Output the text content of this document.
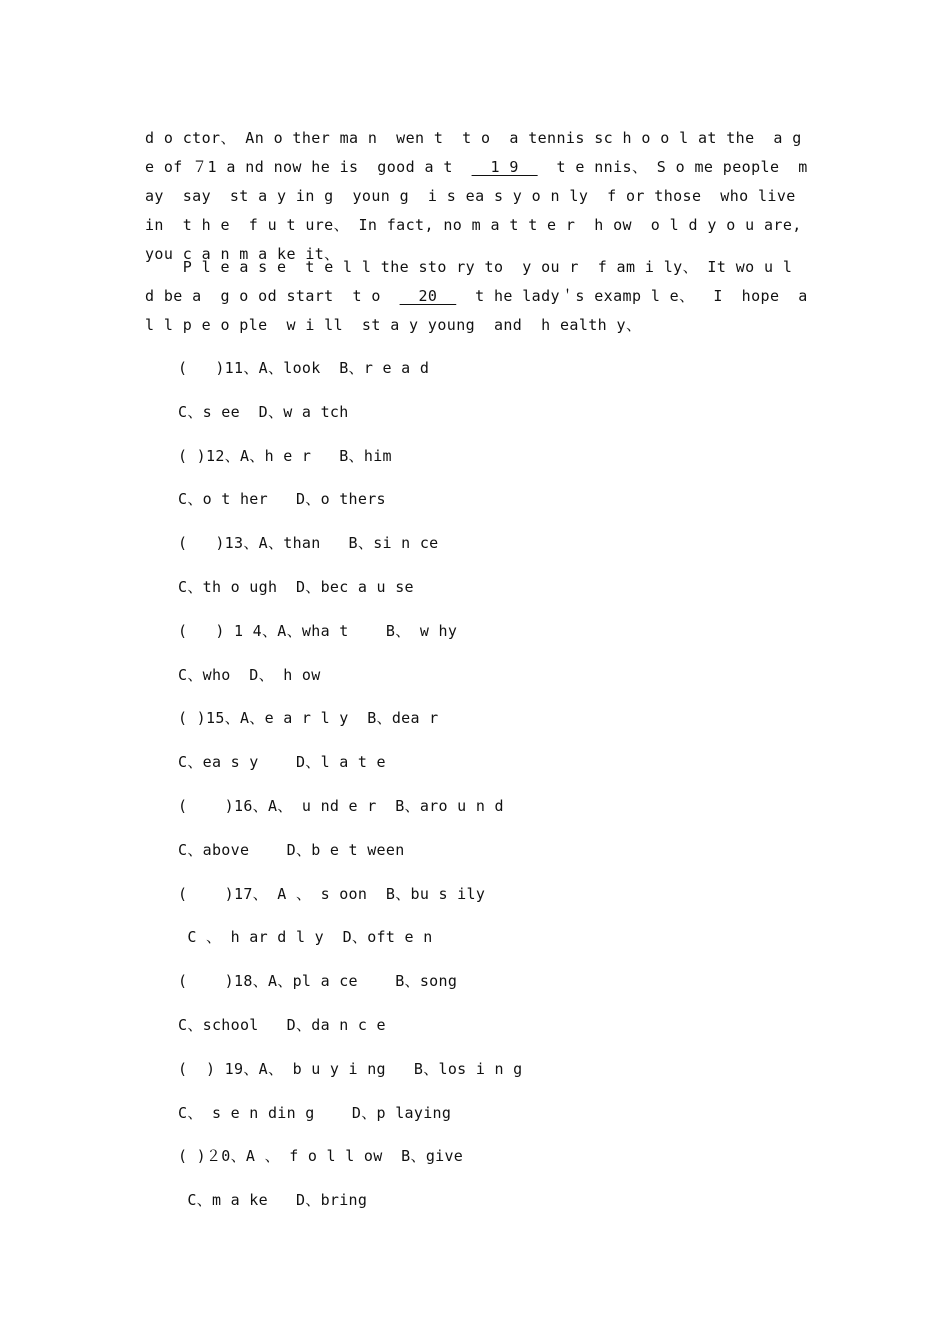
d o ctor、 An o ther ma n  wen t  t o  a tennis sc h o o l at the  a ge of ７1 a nd now he is  good a t  __1 9__  t e nnis、 S o me people  may  say  st a y in g  youn g  i s ea s y o n ly  f or those  who live in  t h e  f u t ure、 In fact, no m a t t e r  h ow  o l d y o u are, you c a n m a ke it、

P l e a s e  t e l l the sto ry to  y ou r  f am i ly、 It wo u l d be a  g o od start  t o  __20__  t he lady＇s examp l e、  I  hope  al l p e o ple  w i ll  st a y young  and  h ealth y、

(   )11、A、look  B、r e a d
C、s ee  D、w a tch
( )12、A、h e r   B、him
C、o t her   D、o thers
(   )13、A、than   B、si n ce
C、th o ugh  D、bec a u se
(   ) 1 4、A、wha t    B、 w hy
C、who  D、 h ow
( )15、A、e a r l y  B、dea r
C、ea s y    D、l a t e
(    )16、A、 u nd e r  B、aro u n d
C、above    D、b e t ween
(    )17、 A 、 s oon  B、bu s ily
C 、 h ar d l y  D、oft e n
(    )18、A、pl a ce    B、song
C、school   D、da n c e
(  ) 19、A、 b u y i ng   B、los i n g
C、 s e n din g    D、p laying
( )２0、A 、 f o l l ow  B、give
C、m a ke   D、bring
